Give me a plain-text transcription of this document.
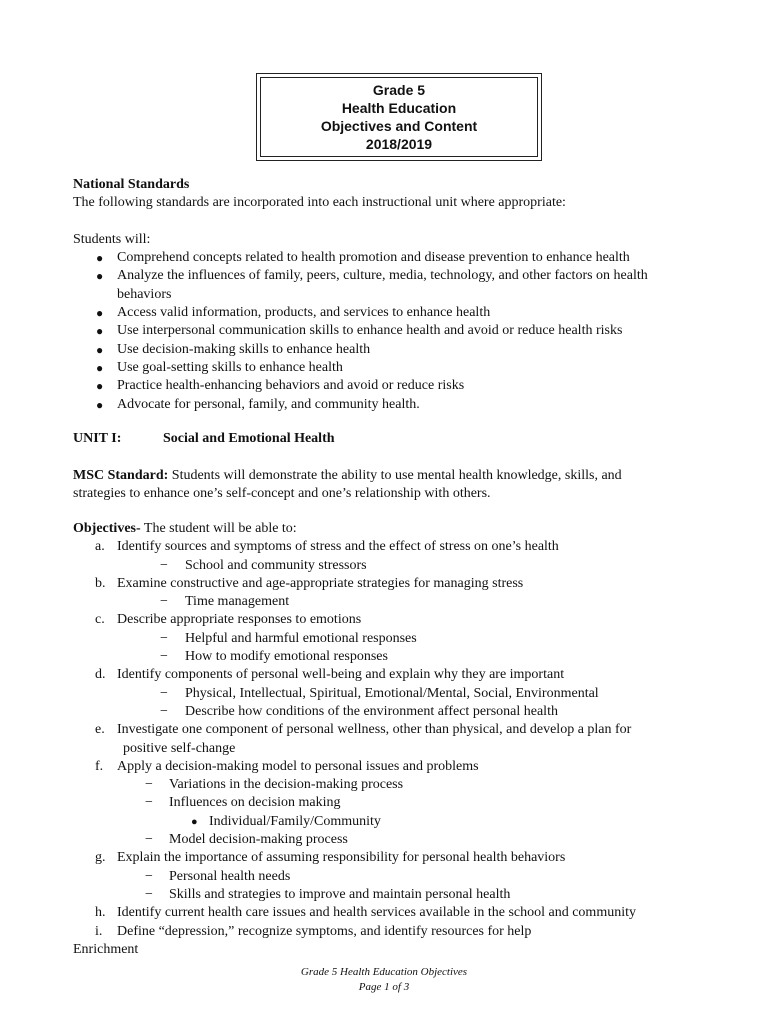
Grade 5
Health Education
Objectives and Content
2018/2019
National Standards
The following standards are incorporated into each instructional unit where appropriate:
Students will:
● Comprehend concepts related to health promotion and disease prevention to enhance health
● Analyze the influences of family, peers, culture, media, technology, and other factors on health
behaviors
● Access valid information, products, and services to enhance health
● Use interpersonal communication skills to enhance health and avoid or reduce health risks
● Use decision-making skills to enhance health
● Use goal-setting skills to enhance health
● Practice health-enhancing behaviors and avoid or reduce risks
● Advocate for personal, family, and community health.
UNIT I:	Social and Emotional Health
MSC Standard: Students will demonstrate the ability to use mental health knowledge, skills, and
strategies to enhance one’s self-concept and one’s relationship with others.
Objectives- The student will be able to:
a. Identify sources and symptoms of stress and the effect of stress on one’s health
−	School and community stressors
b. Examine constructive and age-appropriate strategies for managing stress
−	Time management
c. Describe appropriate responses to emotions
−	Helpful and harmful emotional responses
−	How to modify emotional responses
d. Identify components of personal well-being and explain why they are important
−	Physical, Intellectual, Spiritual, Emotional/Mental, Social, Environmental
−	Describe how conditions of the environment affect personal health
e. Investigate one component of personal wellness, other than physical, and develop a plan for
positive self-change
f. Apply a decision-making model to personal issues and problems
−	Variations in the decision-making process
−	Influences on decision making
● Individual/Family/Community
−	Model decision-making process
g. Explain the importance of assuming responsibility for personal health behaviors
−	Personal health needs
−	Skills and strategies to improve and maintain personal health
h. Identify current health care issues and health services available in the school and community
i.	Define “depression,” recognize symptoms, and identify resources for help
Enrichment
Grade 5 Health Education Objectives
Page 1 of 3
